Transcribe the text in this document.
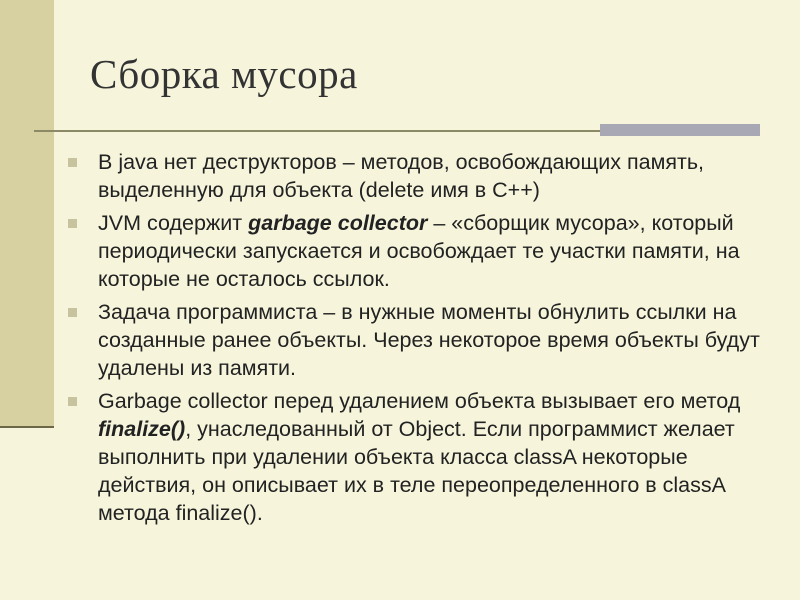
Сборка мусора
В java нет деструкторов – методов, освобождающих память, выделенную для объекта (delete имя в C++)
JVM содержит garbage collector – «сборщик мусора», который периодически запускается и освобождает те участки памяти, на которые не осталось ссылок.
Задача программиста – в нужные моменты обнулить ссылки на созданные ранее объекты. Через некоторое время объекты будут удалены из памяти.
Garbage collector перед удалением объекта вызывает его метод finalize(), унаследованный от Object. Если программист желает выполнить при удалении объекта класса classA некоторые действия, он описывает их в теле переопределенного в classA метода finalize().
